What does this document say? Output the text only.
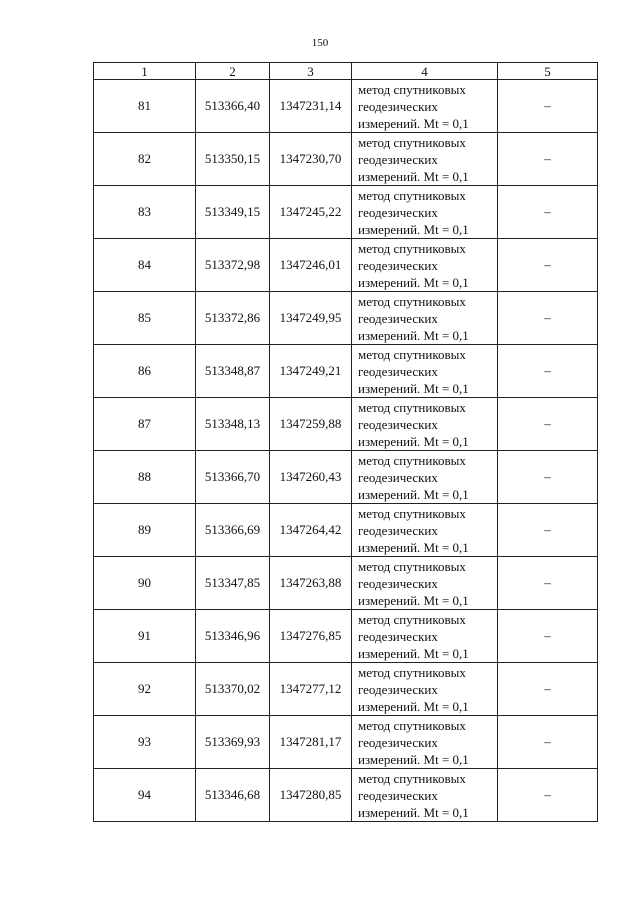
150
1	2	3	4	5
81	513366,40	1347231,14	метод спутниковых
геодезических
измерений. Mt = 0,1	–
82	513350,15	1347230,70	метод спутниковых
геодезических
измерений. Mt = 0,1	–
83	513349,15	1347245,22	метод спутниковых
геодезических
измерений. Mt = 0,1	–
84	513372,98	1347246,01	метод спутниковых
геодезических
измерений. Mt = 0,1	–
85	513372,86	1347249,95	метод спутниковых
геодезических
измерений. Mt = 0,1	–
86	513348,87	1347249,21	метод спутниковых
геодезических
измерений. Mt = 0,1	–
87	513348,13	1347259,88	метод спутниковых
геодезических
измерений. Mt = 0,1	–
88	513366,70	1347260,43	метод спутниковых
геодезических
измерений. Mt = 0,1	–
89	513366,69	1347264,42	метод спутниковых
геодезических
измерений. Mt = 0,1	–
90	513347,85	1347263,88	метод спутниковых
геодезических
измерений. Mt = 0,1	–
91	513346,96	1347276,85	метод спутниковых
геодезических
измерений. Mt = 0,1	–
92	513370,02	1347277,12	метод спутниковых
геодезических
измерений. Mt = 0,1	–
93	513369,93	1347281,17	метод спутниковых
геодезических
измерений. Mt = 0,1	–
94	513346,68	1347280,85	метод спутниковых
геодезических
измерений. Mt = 0,1	–
